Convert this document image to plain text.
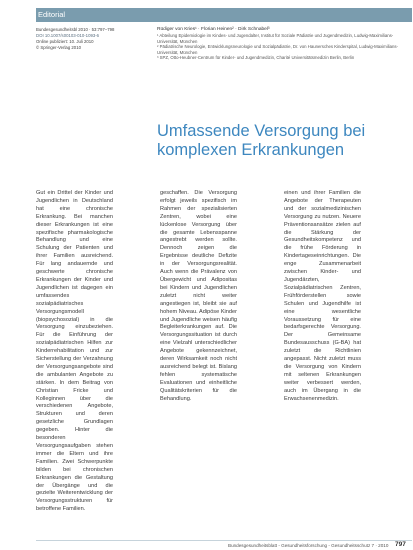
Editorial
Bundesgesundheitsbl 2010 · 53:797–798
DOI 10.1007/s00103-010-1093-6
Online publiziert: 10. Juli 2010
© Springer-Verlag 2010
Rüdiger von Kries¹ · Florian Heinen² · Dirk Schnabel³
¹ Abteilung Epidemiologie im Kindes- und Jugendalter, Institut für Soziale Pädiatrie und Jugendmedizin, Ludwig-Maximilians-Universität, München
² Pädiatrische Neurologie, Entwicklungsneurologie und Sozialpädiatrie, Dr. von Haunersches Kinderspital, Ludwig-Maximilians-Universität, München
³ SPZ, Otto-Heubner-Centrum für Kinder- und Jugendmedizin, Charité Universitätsmedizin Berlin, Berlin
Umfassende Versorgung bei komplexen Erkrankungen
Gut ein Drittel der Kinder und Jugendlichen in Deutschland hat eine chronische Erkrankung. Bei manchen dieser Erkrankungen ist eine spezifische pharmakologische Behandlung und eine Schulung der Patienten und ihrer Familien ausreichend. Für lang andauernde und geschwerte chronische Erkrankungen der Kinder und Jugendlichen ist dagegen ein umfassendes sozialpädiatrisches Versorgungsmodell (biopsychosozial) in die Versorgung einzubeziehen. Für die Einführung der sozialpädiatrischen Hilfen zur Kinderrehabilitation und zur Sicherstellung der Verzahnung der Versorgungsangebote sind die ambulanten Angebote zu stärken. In dem Beitrag von Christian Fricke und Kolleginnen über die verschiedenen Angebote, Strukturen und deren gesetzliche Grundlagen gegeben. Hinter die besonderen Versorgungsaufgaben stehen immer die Eltern und ihre Familien. Zwei Schwerpunkte bilden bei chronischen Erkrankungen die Gestaltung der Übergänge und die gezielte Weiterentwicklung der Versorgungsstrukturen für betroffene Familien.
geschaffen. Die Versorgung erfolgt jeweils spezifisch im Rahmen der spezialisierten Zentren, wobei eine lückenlose Versorgung über die gesamte Lebensspanne angestrebt werden sollte. Dennoch zeigen die Ergebnisse deutliche Defizite in der Versorgungsrealität. Auch wenn die Prävalenz von Übergewicht und Adipositas bei Kindern und Jugendlichen zuletzt nicht weiter angestiegen ist, bleibt sie auf hohem Niveau. Adipöse Kinder und Jugendliche weisen häufig Begleiterkrankungen auf. Die Versorgungssituation ist durch eine Vielzahl unterschiedlicher Angebote gekennzeichnet, deren Wirksamkeit noch nicht ausreichend belegt ist. Bislang fehlen systematische Evaluationen und einheitliche Qualitätskriterien für die Behandlung.
einen und ihrer Familien die Angebote der Therapeuten und der sozialmedizinischen Versorgung zu nutzen. Neuere Präventionsansätze zielen auf die Stärkung der Gesundheitskompetenz und die frühe Förderung in Kindertageseinrichtungen. Die enge Zusammenarbeit zwischen Kinder- und Jugendärzten, Sozialpädiatrischen Zentren, Frühförderstellen sowie Schulen und Jugendhilfe ist eine wesentliche Voraussetzung für eine bedarfsgerechte Versorgung. Der Gemeinsame Bundesausschuss (G-BA) hat zuletzt die Richtlinien angepasst. Nicht zuletzt muss die Versorgung von Kindern mit seltenen Erkrankungen weiter verbessert werden, auch im Übergang in die Erwachsenenmedizin.
Bundesgesundheitsblatt - Gesundheitsforschung - Gesundheitsschutz 7 · 2010 797
